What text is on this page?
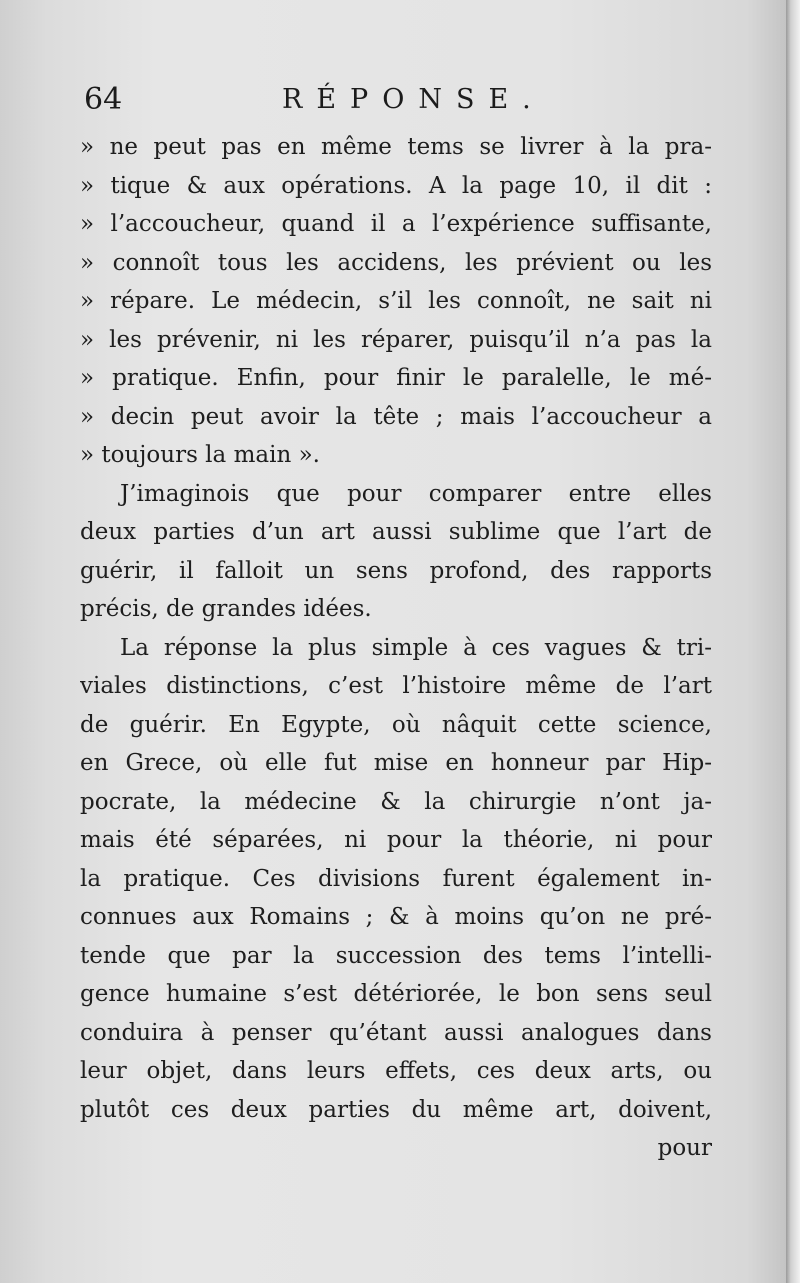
64	RÉPONSE.
» ne peut pas en même tems se livrer à la pra-
» tique & aux opérations. A la page 10, il dit :
» l’accoucheur, quand il a l’expérience suffisante,
» connoît tous les accidens, les prévient ou les
» répare. Le médecin, s’il les connoît, ne sait ni
» les prévenir, ni les réparer, puisqu’il n’a pas la
» pratique. Enfin, pour finir le paralelle, le mé-
» decin peut avoir la tête ; mais l’accoucheur a
» toujours la main ».
J’imaginois que pour comparer entre elles
deux parties d’un art aussi sublime que l’art de
guérir, il falloit un sens profond, des rapports
précis, de grandes idées.
La réponse la plus simple à ces vagues & tri-
viales distinctions, c’est l’histoire même de l’art
de guérir. En Egypte, où nâquit cette science,
en Grece, où elle fut mise en honneur par Hip-
pocrate, la médecine & la chirurgie n’ont ja-
mais été séparées, ni pour la théorie, ni pour
la pratique. Ces divisions furent également in-
connues aux Romains ; & à moins qu’on ne pré-
tende que par la succession des tems l’intelli-
gence humaine s’est détériorée, le bon sens seul
conduira à penser qu’étant aussi analogues dans
leur objet, dans leurs effets, ces deux arts, ou
plutôt ces deux parties du même art, doivent,
pour
